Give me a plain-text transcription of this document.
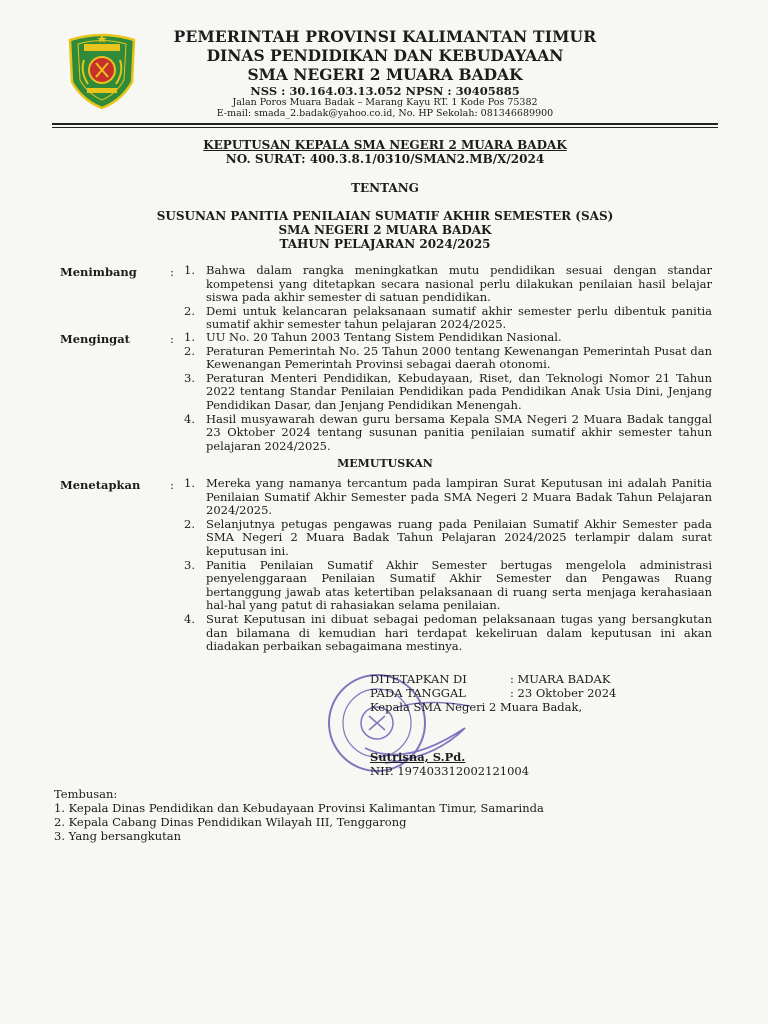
PEMERINTAH PROVINSI KALIMANTAN TIMUR
DINAS PENDIDIKAN DAN KEBUDAYAAN
SMA NEGERI 2 MUARA BADAK
NSS : 30.164.03.13.052 NPSN : 30405885
Jalan Poros Muara Badak – Marang Kayu RT. 1 Kode Pos 75382
E-mail: smada_2.badak@yahoo.co.id, No. HP Sekolah: 081346689900
KEPUTUSAN KEPALA SMA NEGERI 2 MUARA BADAK
NO. SURAT: 400.3.8.1/0310/SMAN2.MB/X/2024
TENTANG
SUSUNAN PANITIA PENILAIAN SUMATIF AKHIR SEMESTER (SAS)
SMA NEGERI 2 MUARA BADAK
TAHUN PELAJARAN 2024/2025
Menimbang	: 1. Bahwa dalam rangka meningkatkan mutu pendidikan sesuai dengan standar kompetensi yang ditetapkan secara nasional perlu dilakukan penilaian hasil belajar siswa pada akhir semester di satuan pendidikan.
2. Demi untuk kelancaran pelaksanaan sumatif akhir semester perlu dibentuk panitia sumatif akhir semester tahun pelajaran 2024/2025.
Mengingat	: 1. UU No. 20 Tahun 2003 Tentang Sistem Pendidikan Nasional.
2. Peraturan Pemerintah No. 25 Tahun 2000 tentang Kewenangan Pemerintah Pusat dan Kewenangan Pemerintah Provinsi sebagai daerah otonomi.
3. Peraturan Menteri Pendidikan, Kebudayaan, Riset, dan Teknologi Nomor 21 Tahun 2022 tentang Standar Penilaian Pendidikan pada Pendidikan Anak Usia Dini, Jenjang Pendidikan Dasar, dan Jenjang Pendidikan Menengah.
4. Hasil musyawarah dewan guru bersama Kepala SMA Negeri 2 Muara Badak tanggal 23 Oktober 2024 tentang susunan panitia penilaian sumatif akhir semester tahun pelajaran 2024/2025.
MEMUTUSKAN
Menetapkan	: 1. Mereka yang namanya tercantum pada lampiran Surat Keputusan ini adalah Panitia Penilaian Sumatif Akhir Semester pada SMA Negeri 2 Muara Badak Tahun Pelajaran 2024/2025.
2. Selanjutnya petugas pengawas ruang pada Penilaian Sumatif Akhir Semester pada SMA Negeri 2 Muara Badak Tahun Pelajaran 2024/2025 terlampir dalam surat keputusan ini.
3. Panitia Penilaian Sumatif Akhir Semester bertugas mengelola administrasi penyelenggaraan Penilaian Sumatif Akhir Semester dan Pengawas Ruang bertanggung jawab atas ketertiban pelaksanaan di ruang serta menjaga kerahasiaan hal-hal yang patut di rahasiakan selama penilaian.
4. Surat Keputusan ini dibuat sebagai pedoman pelaksanaan tugas yang bersangkutan dan bilamana di kemudian hari terdapat kekeliruan dalam keputusan ini akan diadakan perbaikan sebagaimana mestinya.
DITETAPKAN DI	: MUARA BADAK
PADA TANGGAL	: 23 Oktober 2024
Kepala SMA Negeri 2 Muara Badak,
Sutrisna, S.Pd.
NIP. 197403312002121004
Tembusan:
1. Kepala Dinas Pendidikan dan Kebudayaan Provinsi Kalimantan Timur, Samarinda
2. Kepala Cabang Dinas Pendidikan Wilayah III, Tenggarong
3. Yang bersangkutan
